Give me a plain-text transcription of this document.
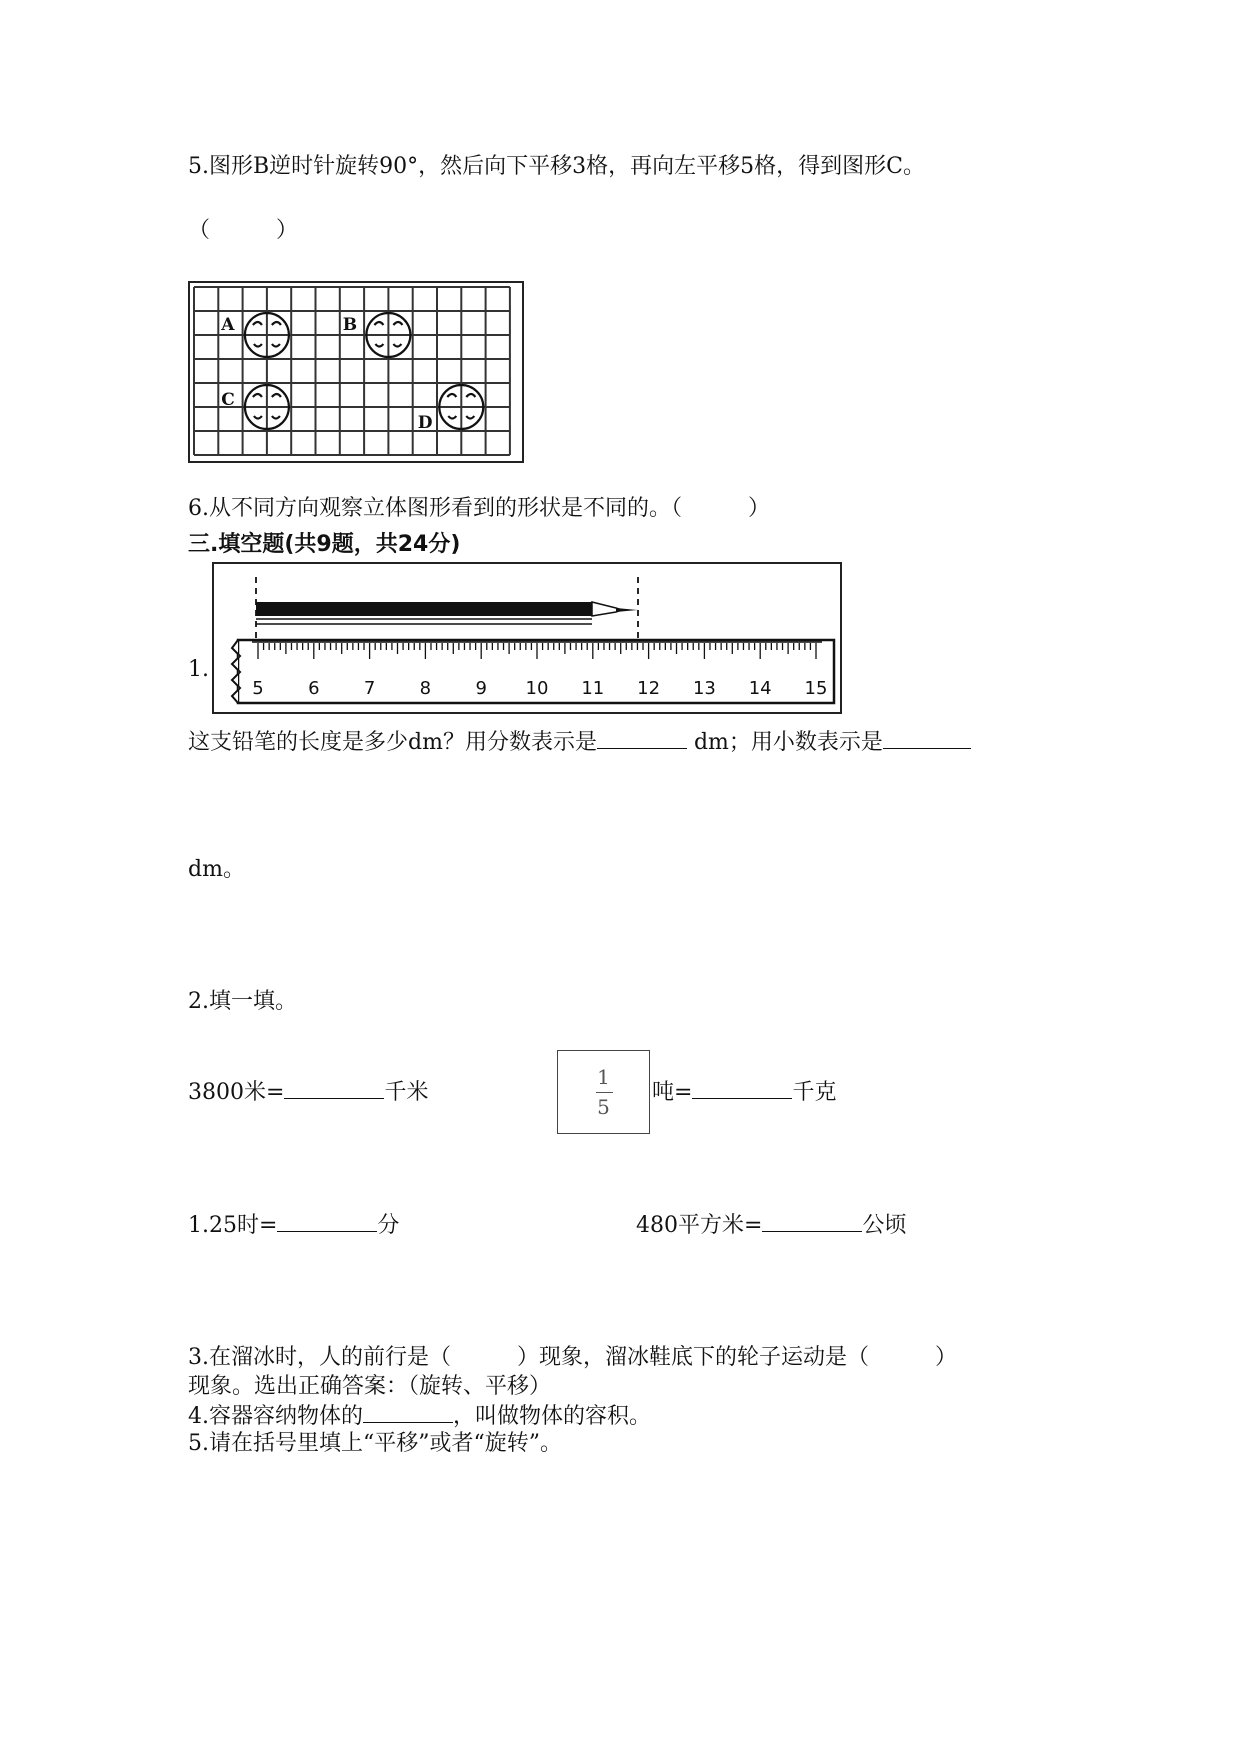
5.图形B逆时针旋转90°，然后向下平移3格，再向左平移5格，得到图形C。
（　　　）
A	B
C
D
6.从不同方向观察立体图形看到的形状是不同的。（　　　）
三.填空题(共9题，共24分)
1.
5 6 7 8 9 10 11 12 13 14 15
这支铅笔的长度是多少dm？用分数表示是	dm；用小数表示是
dm。
2.填一填。
3800米=	千米
1
5
吨=	千克
1.25时=	分	480平方米=	公顷
3.在溜冰时，人的前行是（　　　）现象，溜冰鞋底下的轮子运动是（　　　）
现象。选出正确答案：（旋转、平移）
4.容器容纳物体的	，叫做物体的容积。
5.请在括号里填上“平移”或者“旋转”。
